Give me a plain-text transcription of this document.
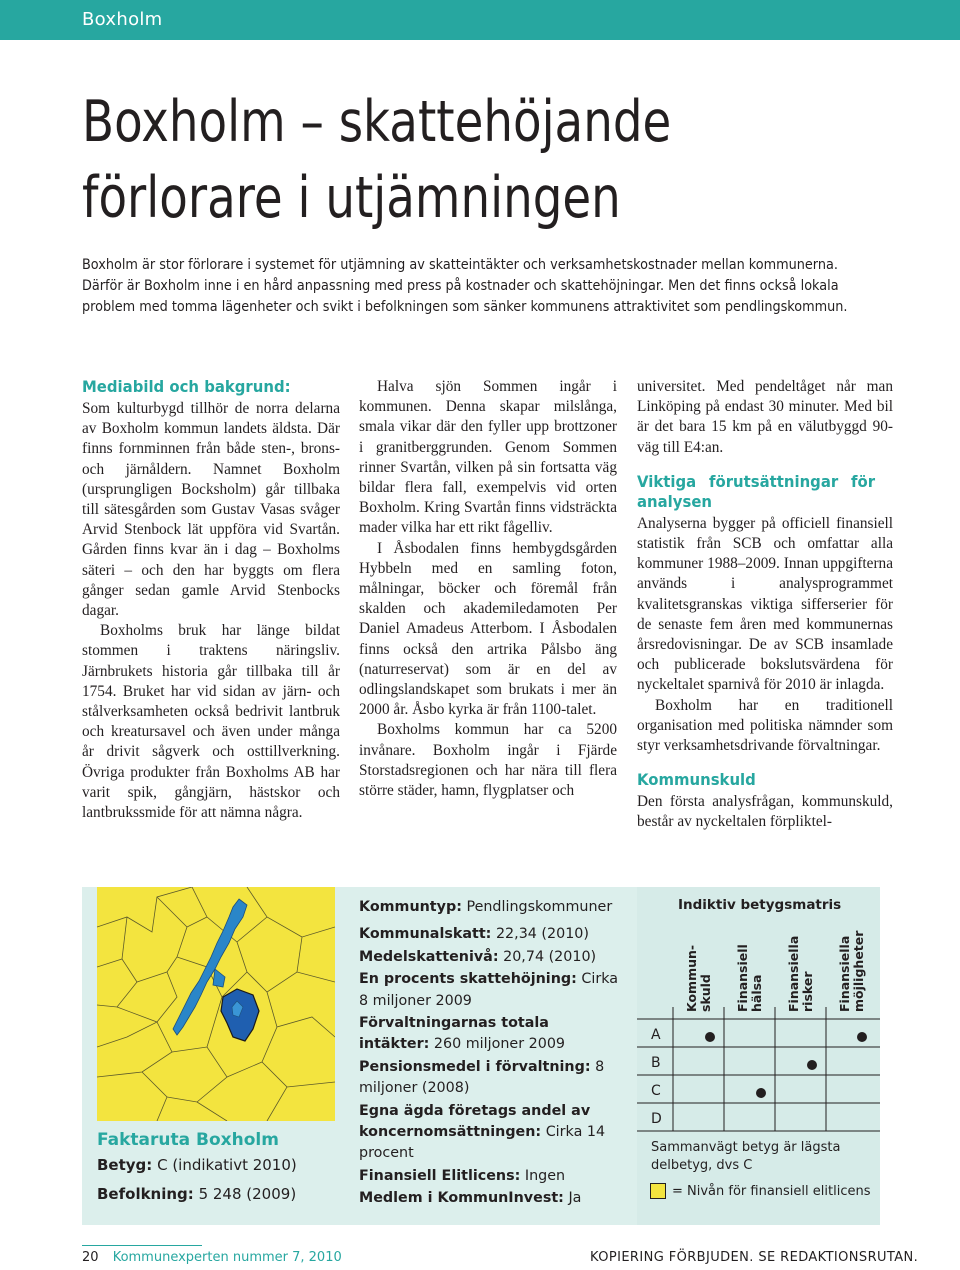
Boxholm
Boxholm – skattehöjande
förlorare i utjämningen

Boxholm är stor förlorare i systemet för utjämning av skatteintäkter och verksamhetskostnader mellan kommunerna.
Därför är Boxholm inne i en hård anpassning med press på kostnader och skattehöjningar. Men det finns också lokala
problem med tomma lägenheter och svikt i befolkningen som sänker kommunens attraktivitet som pendlingskommun.

Mediabild och bakgrund:

Som kulturbygd tillhör de norra delarna av Boxholm kommun landets äldsta. Där finns fornminnen från både sten-, brons- och järnåldern. Namnet Boxholm (ursprungligen Bocksholm) går tillbaka till sätesgården som Gustav Vasas svåger Arvid Stenbock lät uppföra vid Svartån. Gården finns kvar än i dag – Boxholms säteri – och den har byggts om flera gånger sedan gamle Arvid Stenbocks dagar.

Boxholms bruk har länge bildat stommen i traktens näringsliv. Järnbrukets historia går tillbaka till år 1754. Bruket har vid sidan av järn- och stålverksamheten också bedrivit lantbruk och kreatursavel och även under många år drivit sågverk och osttillverkning. Övriga produkter från Boxholms AB har varit spik, gångjärn, hästskor och lantbrukssmide för att nämna några.

Halva sjön Sommen ingår i kommunen. Denna skapar milslånga, smala vikar där den fyller upp brottzoner i granitberggrunden. Genom Sommen rinner Svartån, vilken på sin fortsatta väg bildar flera fall, exempelvis vid orten Boxholm. Kring Svartån finns vidsträckta mader vilka har ett rikt fågelliv.

I Åsbodalen finns hembygdsgården Hybbeln med en samling foton, målningar, böcker och föremål från skalden och akademiledamoten Per Daniel Amadeus Atterbom. I Åsbodalen finns också den artrika Pålsbo äng (naturreservat) som är en del av odlingslandskapet som brukats i mer än 2000 år. Åsbo kyrka är från 1100-talet.

Boxholms kommun har ca 5200 invånare. Boxholm ingår i Fjärde Storstadsregionen och har nära till flera större städer, hamn, flygplatser och

universitet. Med pendeltåget når man Linköping på endast 30 minuter. Med bil är det bara 15 km på en välutbyggd 90-väg till E4:an.

Viktiga förutsättningar för analysen

Analyserna bygger på officiell finansiell statistik från SCB och omfattar alla kommuner 1988–2009. Innan uppgifterna används i analysprogrammet kvalitetsgranskas viktiga sifferserier för de senaste fem åren med kommunernas årsredovisningar. De av SCB insamlade och publicerade bokslutsvärdena för nyckeltalet sparnivå för 2010 är inlagda.

Boxholm har en traditionell organisation med politiska nämnder som styr verksamhetsdrivande förvaltningar.

Kommunskuld

Den första analysfrågan, kommunskuld, består av nyckeltalen förpliktel-

Faktaruta Boxholm

Betyg: C (indikativt 2010)

Befolkning: 5 248 (2009)

Kommuntyp: Pendlingskommuner

Kommunalskatt: 22,34 (2010)

Medelskattenivå: 20,74 (2010)

En procents skattehöjning: Cirka 8 miljoner 2009

Förvaltningarnas totala intäkter: 260 miljoner 2009

Pensionsmedel i förvaltning: 8 miljoner (2008)

Egna ägda företags andel av koncernomsättningen: Cirka 14 procent

Finansiell Elitlicens: Ingen

Medlem i KommunInvest: Ja

Indiktiv betygsmatris

Kommun-
skuld Finansiell
hälsa Finansiella
risker Finansiella
möjligheter
A
B
C
D

Sammanvägt betyg är lägsta delbetyg, dvs C

= Nivån för finansiell elitlicens
20 Kommunexperten nummer 7, 2010	KOPIERING FÖRBJUDEN. SE REDAKTIONSRUTAN.
